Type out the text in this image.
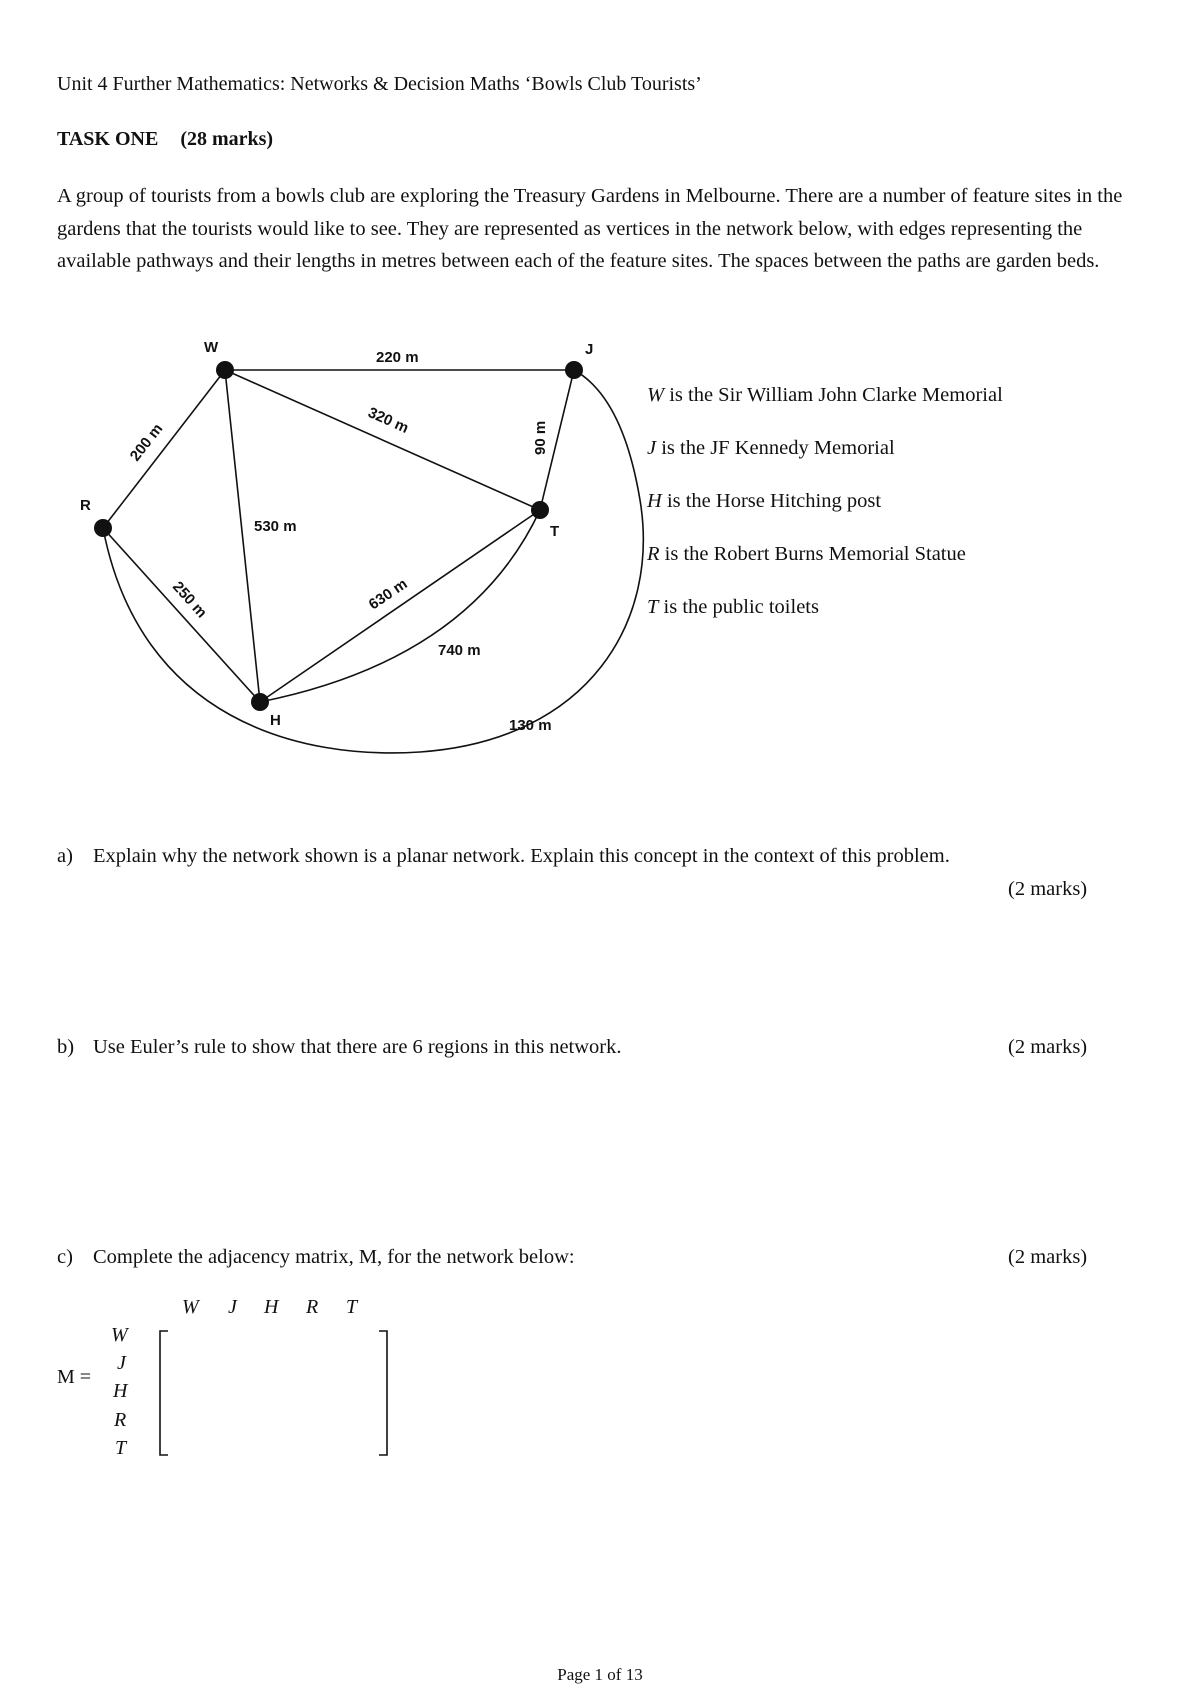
Unit 4 Further Mathematics: Networks & Decision Maths ‘Bowls Club Tourists’
TASK ONE (28 marks)
A group of tourists from a bowls club are exploring the Treasury Gardens in Melbourne. There are a number of feature sites in the gardens that the tourists would like to see. They are represented as vertices in the network below, with edges representing the available pathways and their lengths in metres between each of the feature sites. The spaces between the paths are garden beds.
W	J
R
T
H
220 m
320 m
90 m
200 m
530 m
250 m	630 m
740 m
130 m
W is the Sir William John Clarke Memorial
J is the JF Kennedy Memorial
H is the Horse Hitching post
R is the Robert Burns Memorial Statue
T is the public toilets
a) Explain why the network shown is a planar network. Explain this concept in the context of this problem.
(2 marks)
b) Use Euler’s rule to show that there are 6 regions in this network.	(2 marks)
c) Complete the adjacency matrix, M, for the network below:	(2 marks)
M =
W J H R T
W
J
H
R
T
Page 1 of 13
